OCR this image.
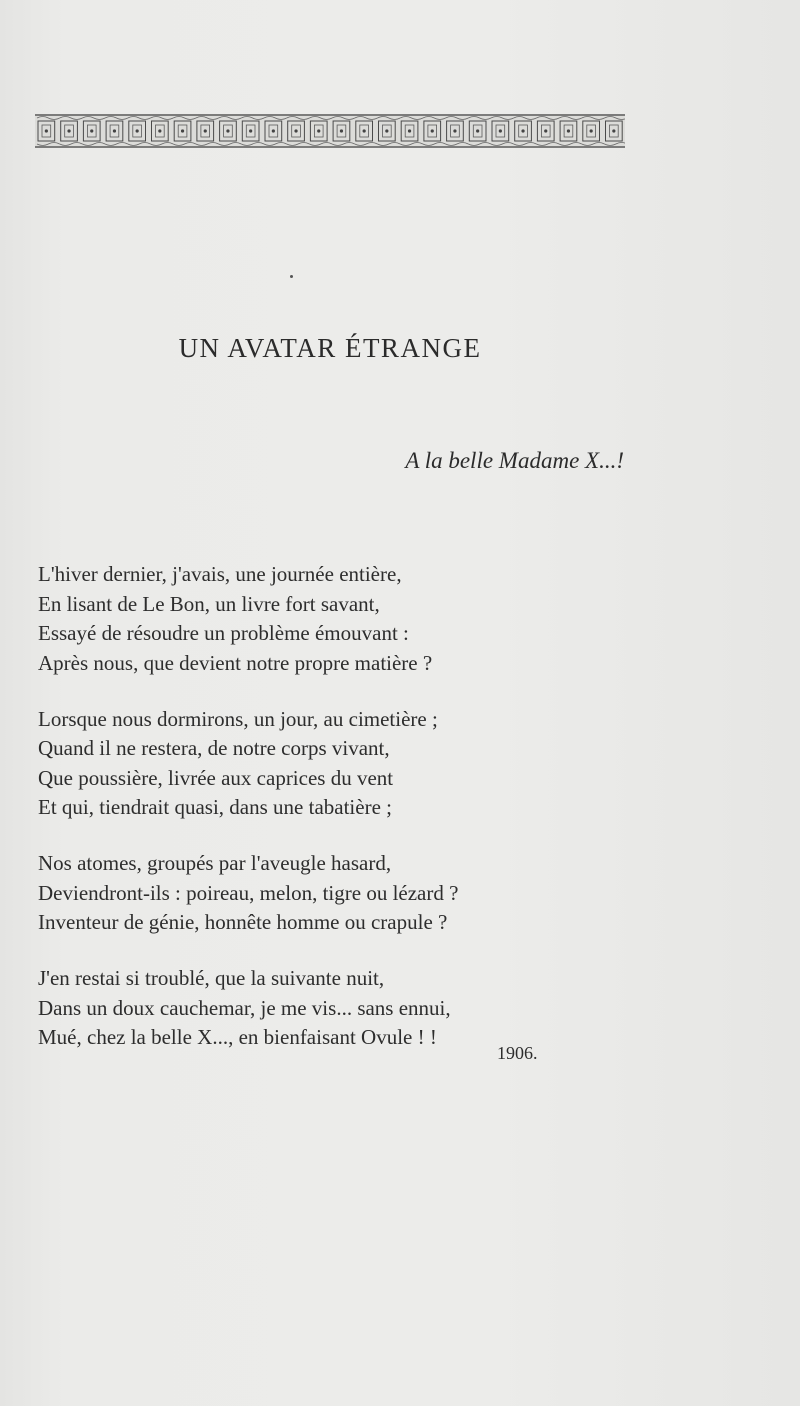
UN AVATAR ÉTRANGE
A la belle Madame X...!
L'hiver dernier, j'avais, une journée entière,
En lisant de Le Bon, un livre fort savant,
Essayé de résoudre un problème émouvant :
Après nous, que devient notre propre matière ?
Lorsque nous dormirons, un jour, au cimetière ;
Quand il ne restera, de notre corps vivant,
Que poussière, livrée aux caprices du vent
Et qui, tiendrait quasi, dans une tabatière ;
Nos atomes, groupés par l'aveugle hasard,
Deviendront-ils : poireau, melon, tigre ou lézard ?
Inventeur de génie, honnête homme ou crapule ?
J'en restai si troublé, que la suivante nuit,
Dans un doux cauchemar, je me vis... sans ennui,
Mué, chez la belle X..., en bienfaisant Ovule ! !
1906.
